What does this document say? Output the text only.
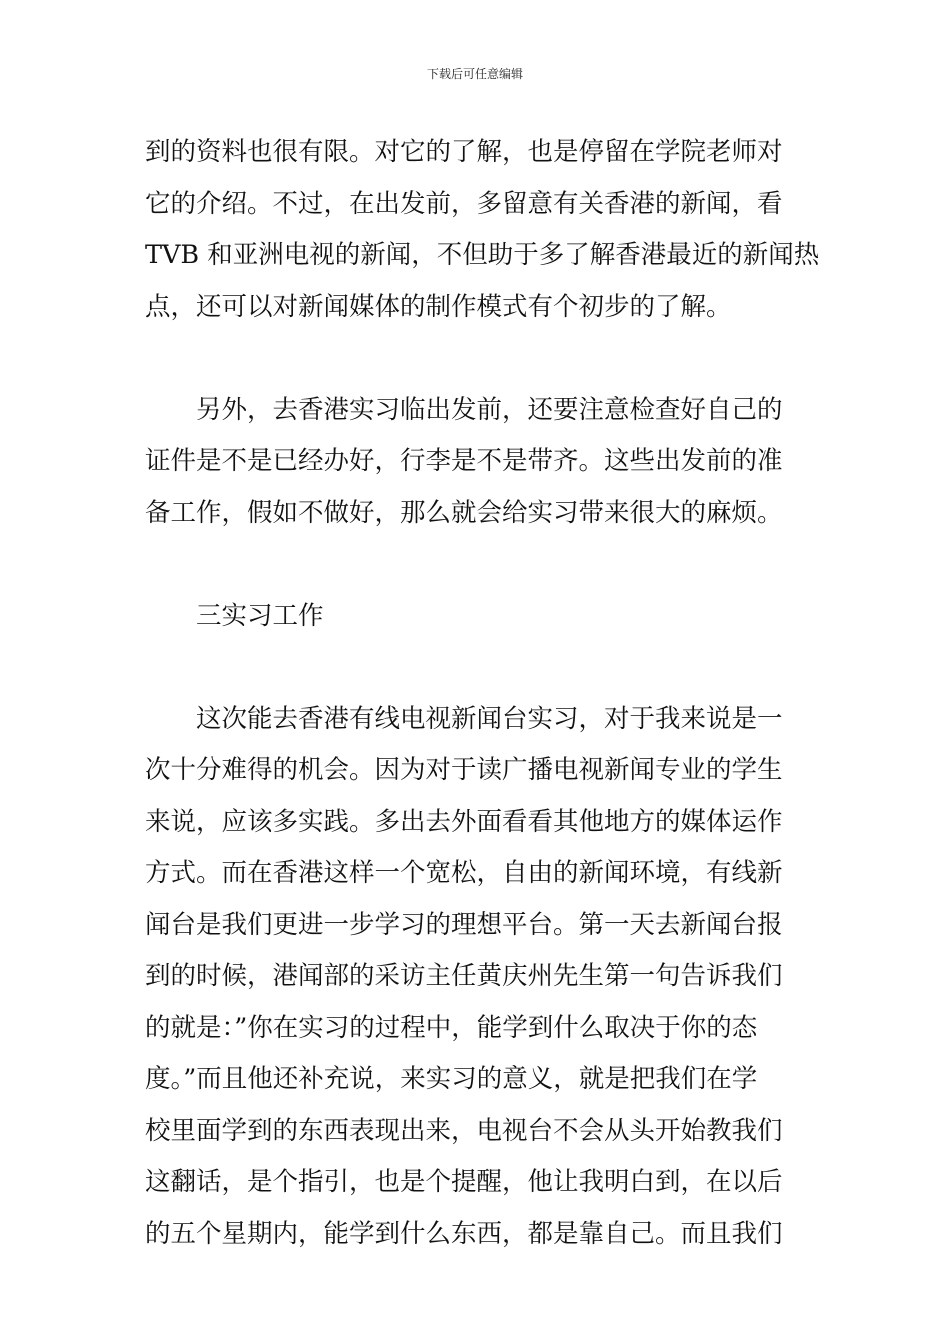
下载后可任意编辑
到的资料也很有限。对它的了解，也是停留在学院老师对
它的介绍。不过，在出发前，多留意有关香港的新闻，看
TVB 和亚洲电视的新闻，不但助于多了解香港最近的新闻热
点，还可以对新闻媒体的制作模式有个初步的了解。
另外，去香港实习临出发前，还要注意检查好自己的
证件是不是已经办好，行李是不是带齐。这些出发前的准
备工作，假如不做好，那么就会给实习带来很大的麻烦。
三实习工作
这次能去香港有线电视新闻台实习，对于我来说是一
次十分难得的机会。因为对于读广播电视新闻专业的学生
来说，应该多实践。多出去外面看看其他地方的媒体运作
方式。而在香港这样一个宽松，自由的新闻环境，有线新
闻台是我们更进一步学习的理想平台。第一天去新闻台报
到的时候，港闻部的采访主任黄庆州先生第一句告诉我们
的就是：”你在实习的过程中，能学到什么取决于你的态
度。”而且他还补充说，来实习的意义，就是把我们在学
校里面学到的东西表现出来，电视台不会从头开始教我们
这翻话，是个指引，也是个提醒，他让我明白到，在以后
的五个星期内，能学到什么东西，都是靠自己。而且我们
